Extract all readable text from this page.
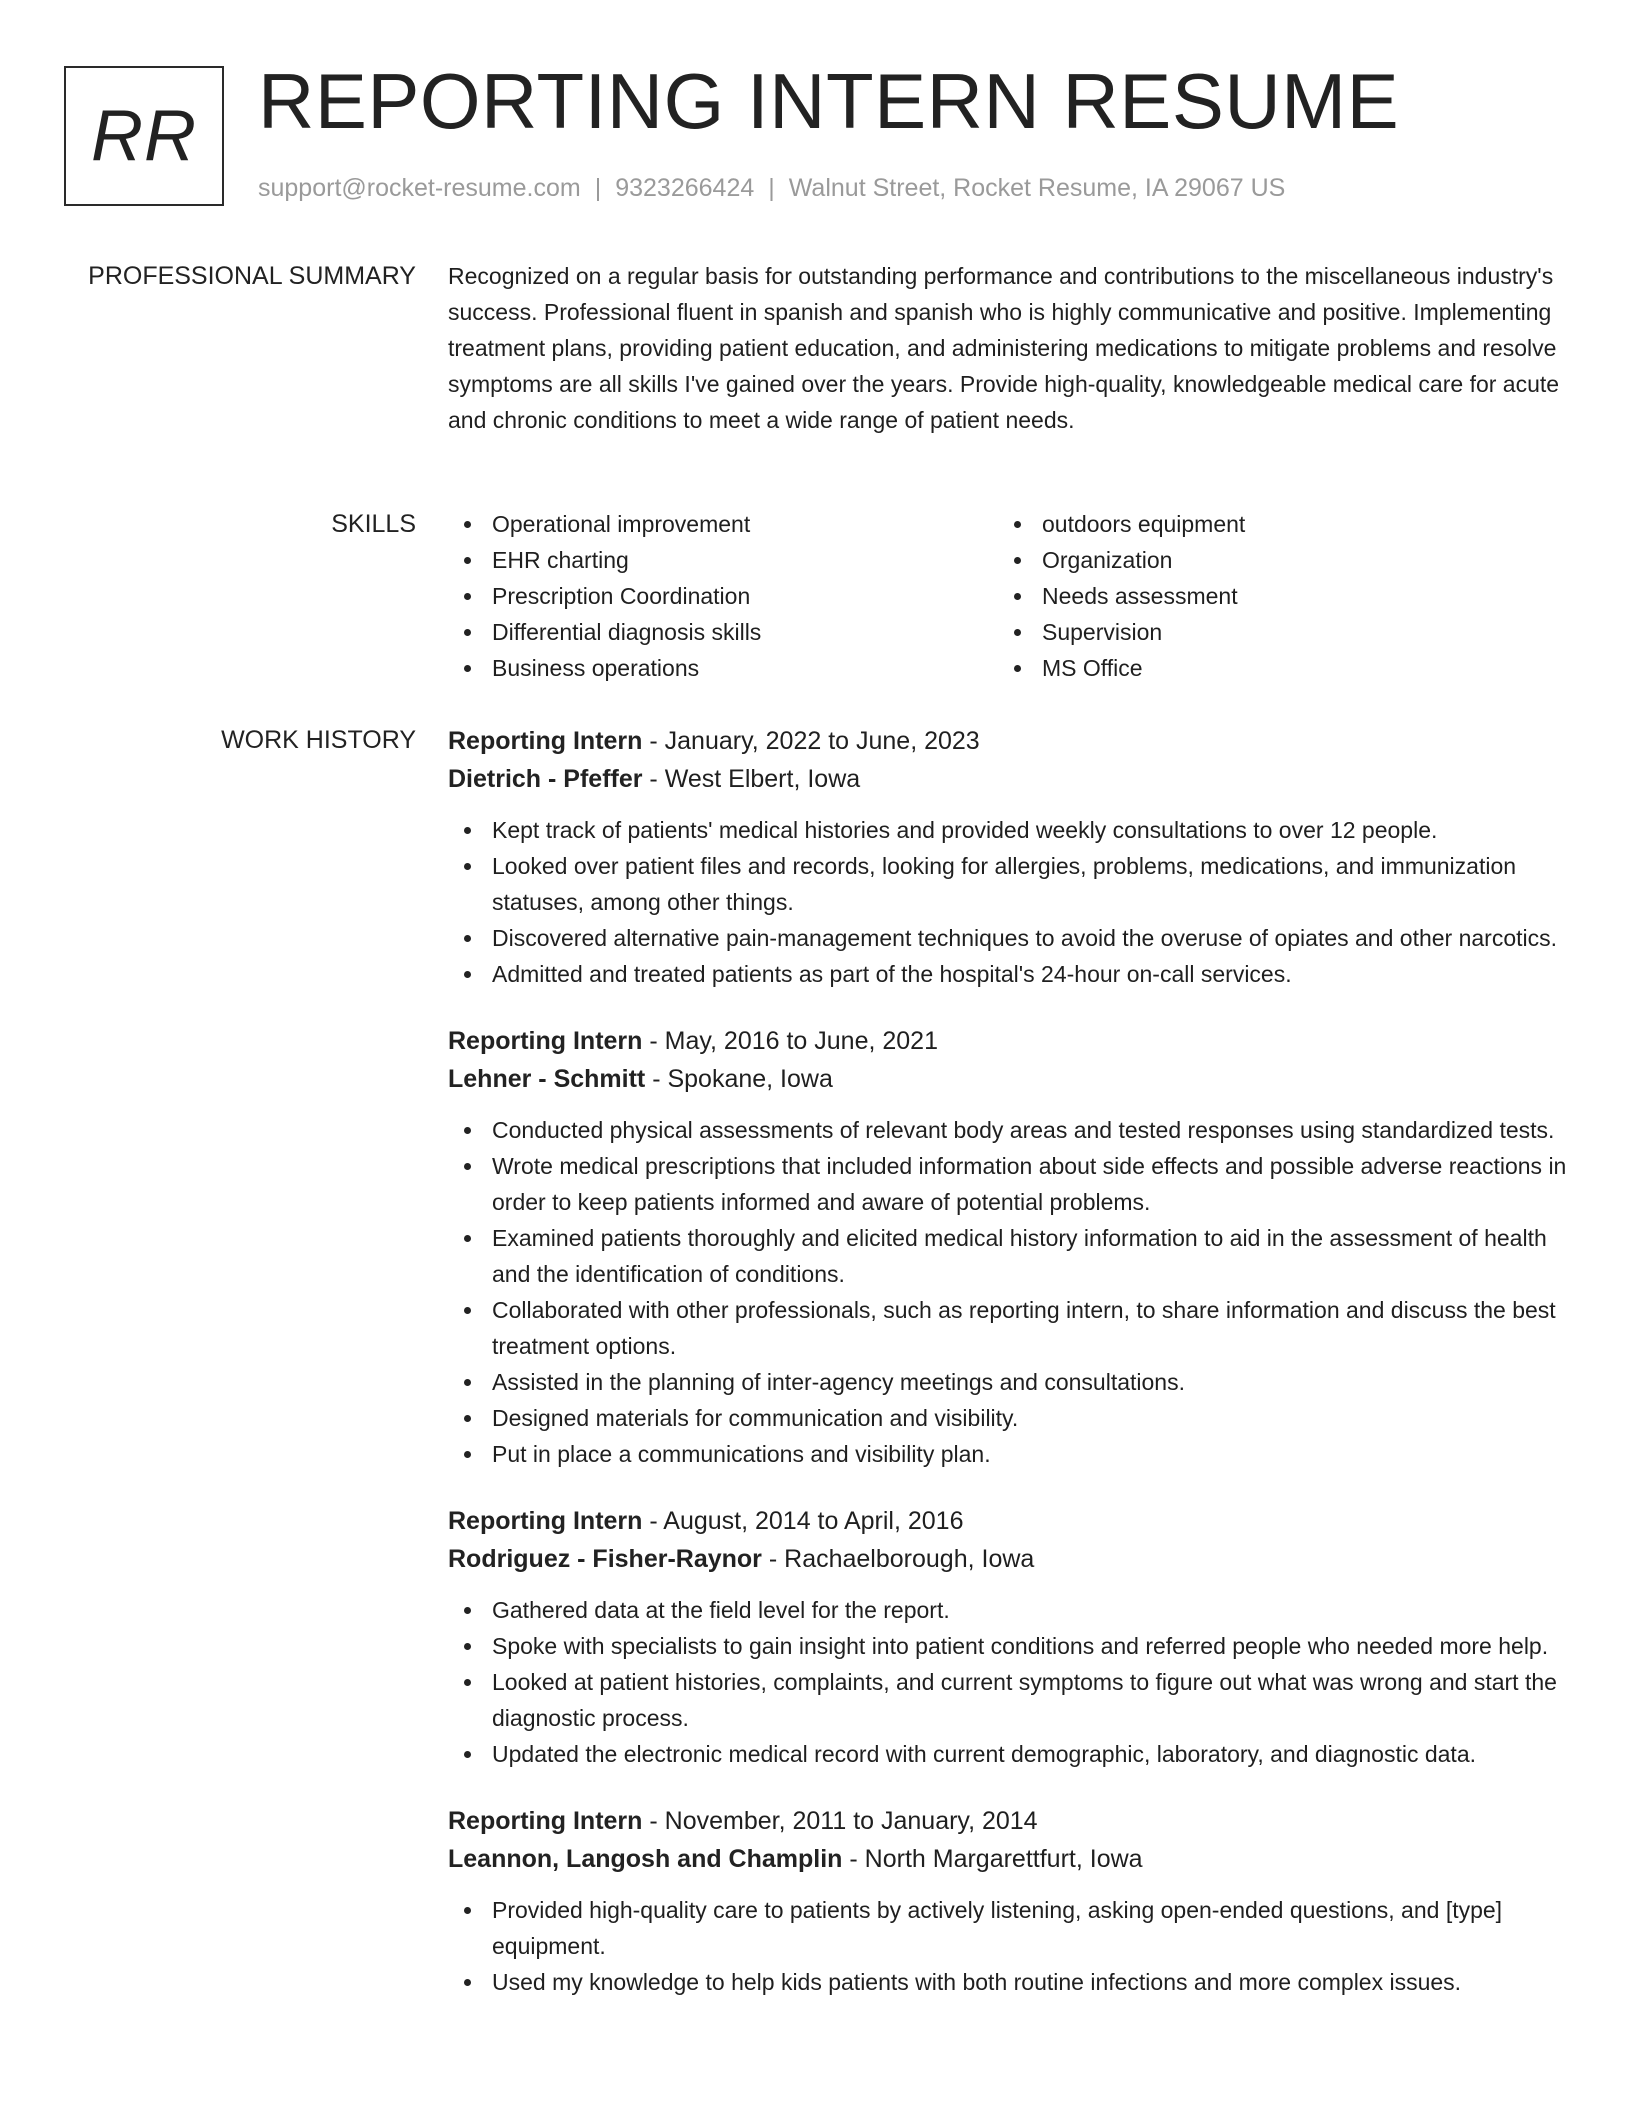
RR REPORTING INTERN RESUME
support@rocket-resume.com | 9323266424 | Walnut Street, Rocket Resume, IA 29067 US
PROFESSIONAL SUMMARY Recognized on a regular basis for outstanding performance and contributions to the miscellaneous industry's success. Professional fluent in spanish and spanish who is highly communicative and positive. Implementing treatment plans, providing patient education, and administering medications to mitigate problems and resolve symptoms are all skills I've gained over the years. Provide high-quality, knowledgeable medical care for acute and chronic conditions to meet a wide range of patient needs.

SKILLS	Operational improvement
EHR charting
Prescription Coordination
Differential diagnosis skills
Business operations
outdoors equipment
Organization
Needs assessment
Supervision
MS Office
WORK HISTORY Reporting Intern - January, 2022 to June, 2023
Dietrich - Pfeffer - West Elbert, Iowa
Kept track of patients' medical histories and provided weekly consultations to over 12 people.
Looked over patient files and records, looking for allergies, problems, medications, and immunization statuses, among other things.
Discovered alternative pain-management techniques to avoid the overuse of opiates and other narcotics.
Admitted and treated patients as part of the hospital's 24-hour on-call services.
Reporting Intern - May, 2016 to June, 2021
Lehner - Schmitt - Spokane, Iowa
Conducted physical assessments of relevant body areas and tested responses using standardized tests.
Wrote medical prescriptions that included information about side effects and possible adverse reactions in order to keep patients informed and aware of potential problems.
Examined patients thoroughly and elicited medical history information to aid in the assessment of health and the identification of conditions.
Collaborated with other professionals, such as reporting intern, to share information and discuss the best treatment options.
Assisted in the planning of inter-agency meetings and consultations.
Designed materials for communication and visibility.
Put in place a communications and visibility plan.
Reporting Intern - August, 2014 to April, 2016
Rodriguez - Fisher-Raynor - Rachaelborough, Iowa
Gathered data at the field level for the report.
Spoke with specialists to gain insight into patient conditions and referred people who needed more help.
Looked at patient histories, complaints, and current symptoms to figure out what was wrong and start the diagnostic process.
Updated the electronic medical record with current demographic, laboratory, and diagnostic data.
Reporting Intern - November, 2011 to January, 2014
Leannon, Langosh and Champlin - North Margarettfurt, Iowa
Provided high-quality care to patients by actively listening, asking open-ended questions, and [type] equipment.
Used my knowledge to help kids patients with both routine infections and more complex issues.
